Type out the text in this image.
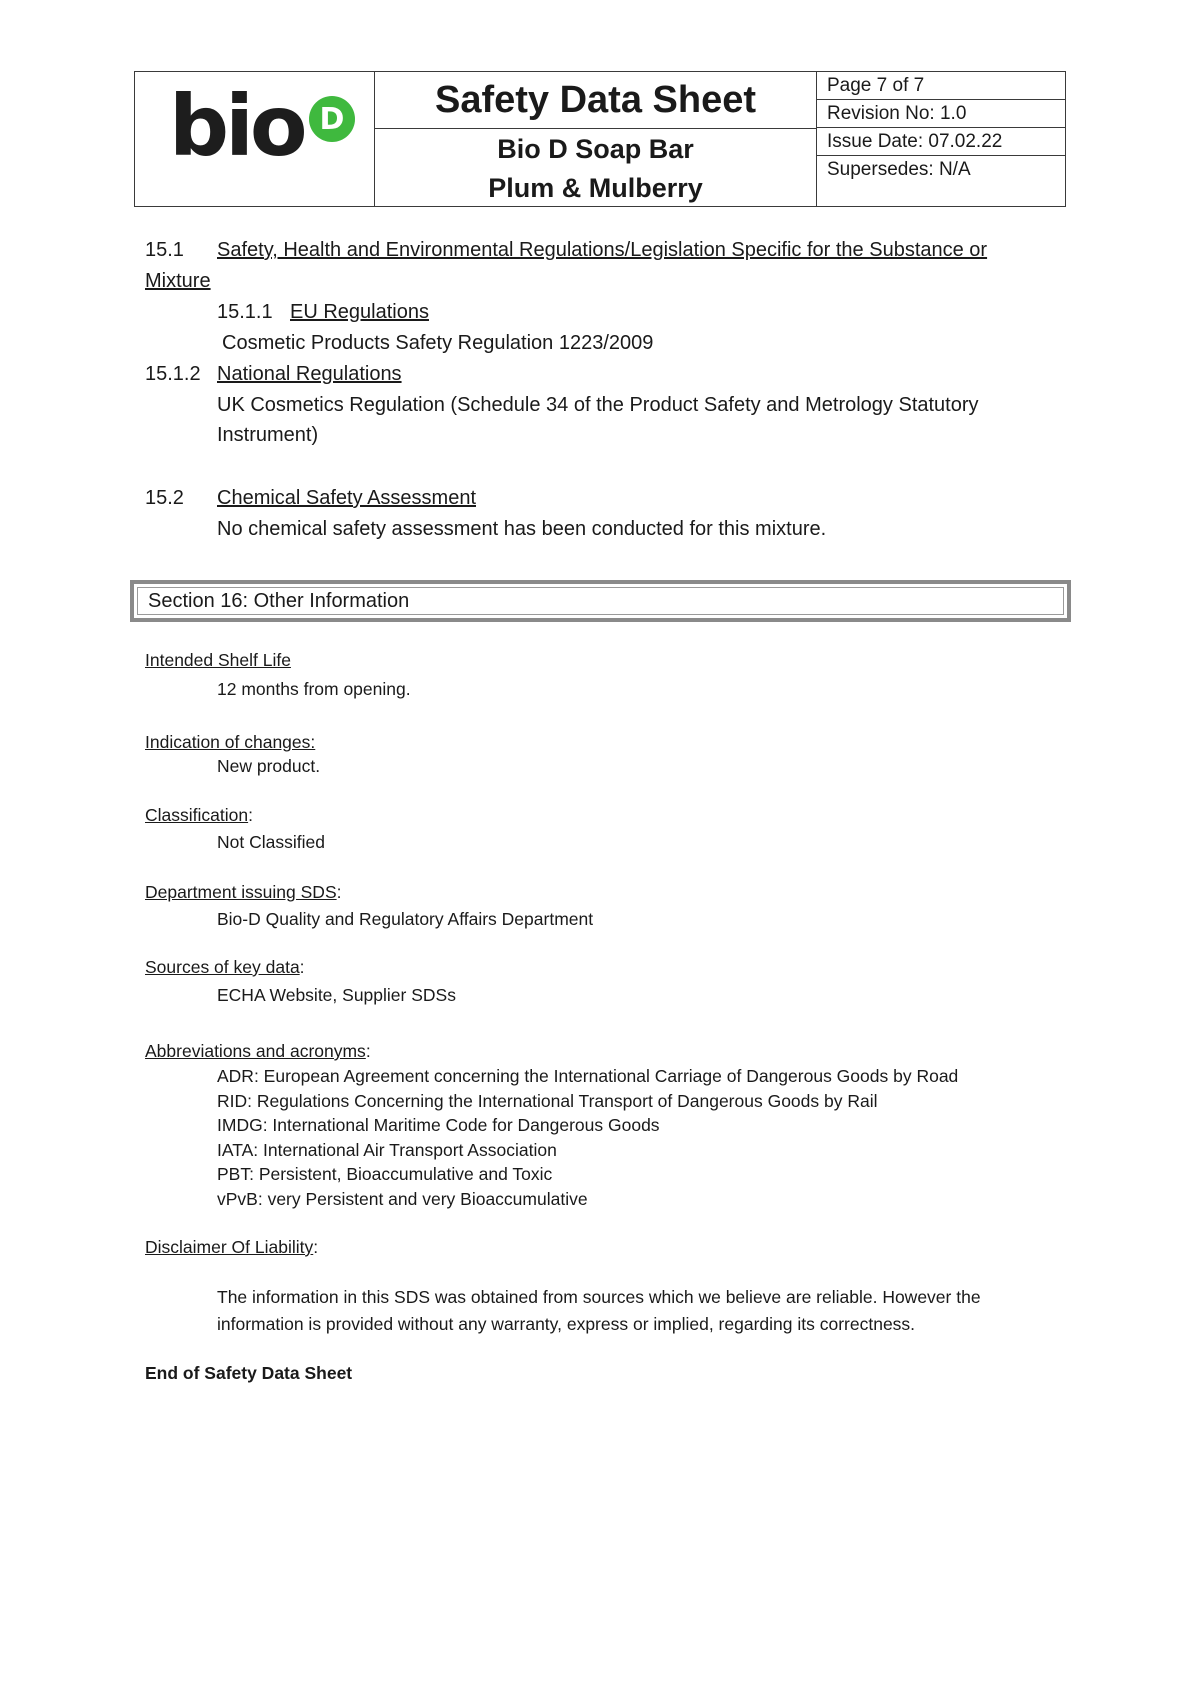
bio D	Safety Data Sheet
Bio D Soap Bar
Plum & Mulberry
Page 7 of 7
Revision No: 1.0
Issue Date: 07.02.22
Supersedes: N/A
15.1 Safety, Health and Environmental Regulations/Legislation Specific for the Substance or
Mixture
15.1.1 EU Regulations
Cosmetic Products Safety Regulation 1223/2009
15.1.2 National Regulations
UK Cosmetics Regulation (Schedule 34 of the Product Safety and Metrology Statutory
Instrument)
15.2 Chemical Safety Assessment
No chemical safety assessment has been conducted for this mixture.
Section 16: Other Information
Intended Shelf Life
12 months from opening.
Indication of changes:
New product.
Classification:
Not Classified
Department issuing SDS:
Bio-D Quality and Regulatory Affairs Department
Sources of key data:
ECHA Website, Supplier SDSs
Abbreviations and acronyms:
ADR: European Agreement concerning the International Carriage of Dangerous Goods by Road
RID: Regulations Concerning the International Transport of Dangerous Goods by Rail
IMDG: International Maritime Code for Dangerous Goods
IATA: International Air Transport Association
PBT: Persistent, Bioaccumulative and Toxic
vPvB: very Persistent and very Bioaccumulative
Disclaimer Of Liability:
The information in this SDS was obtained from sources which we believe are reliable. However the
information is provided without any warranty, express or implied, regarding its correctness.
End of Safety Data Sheet
